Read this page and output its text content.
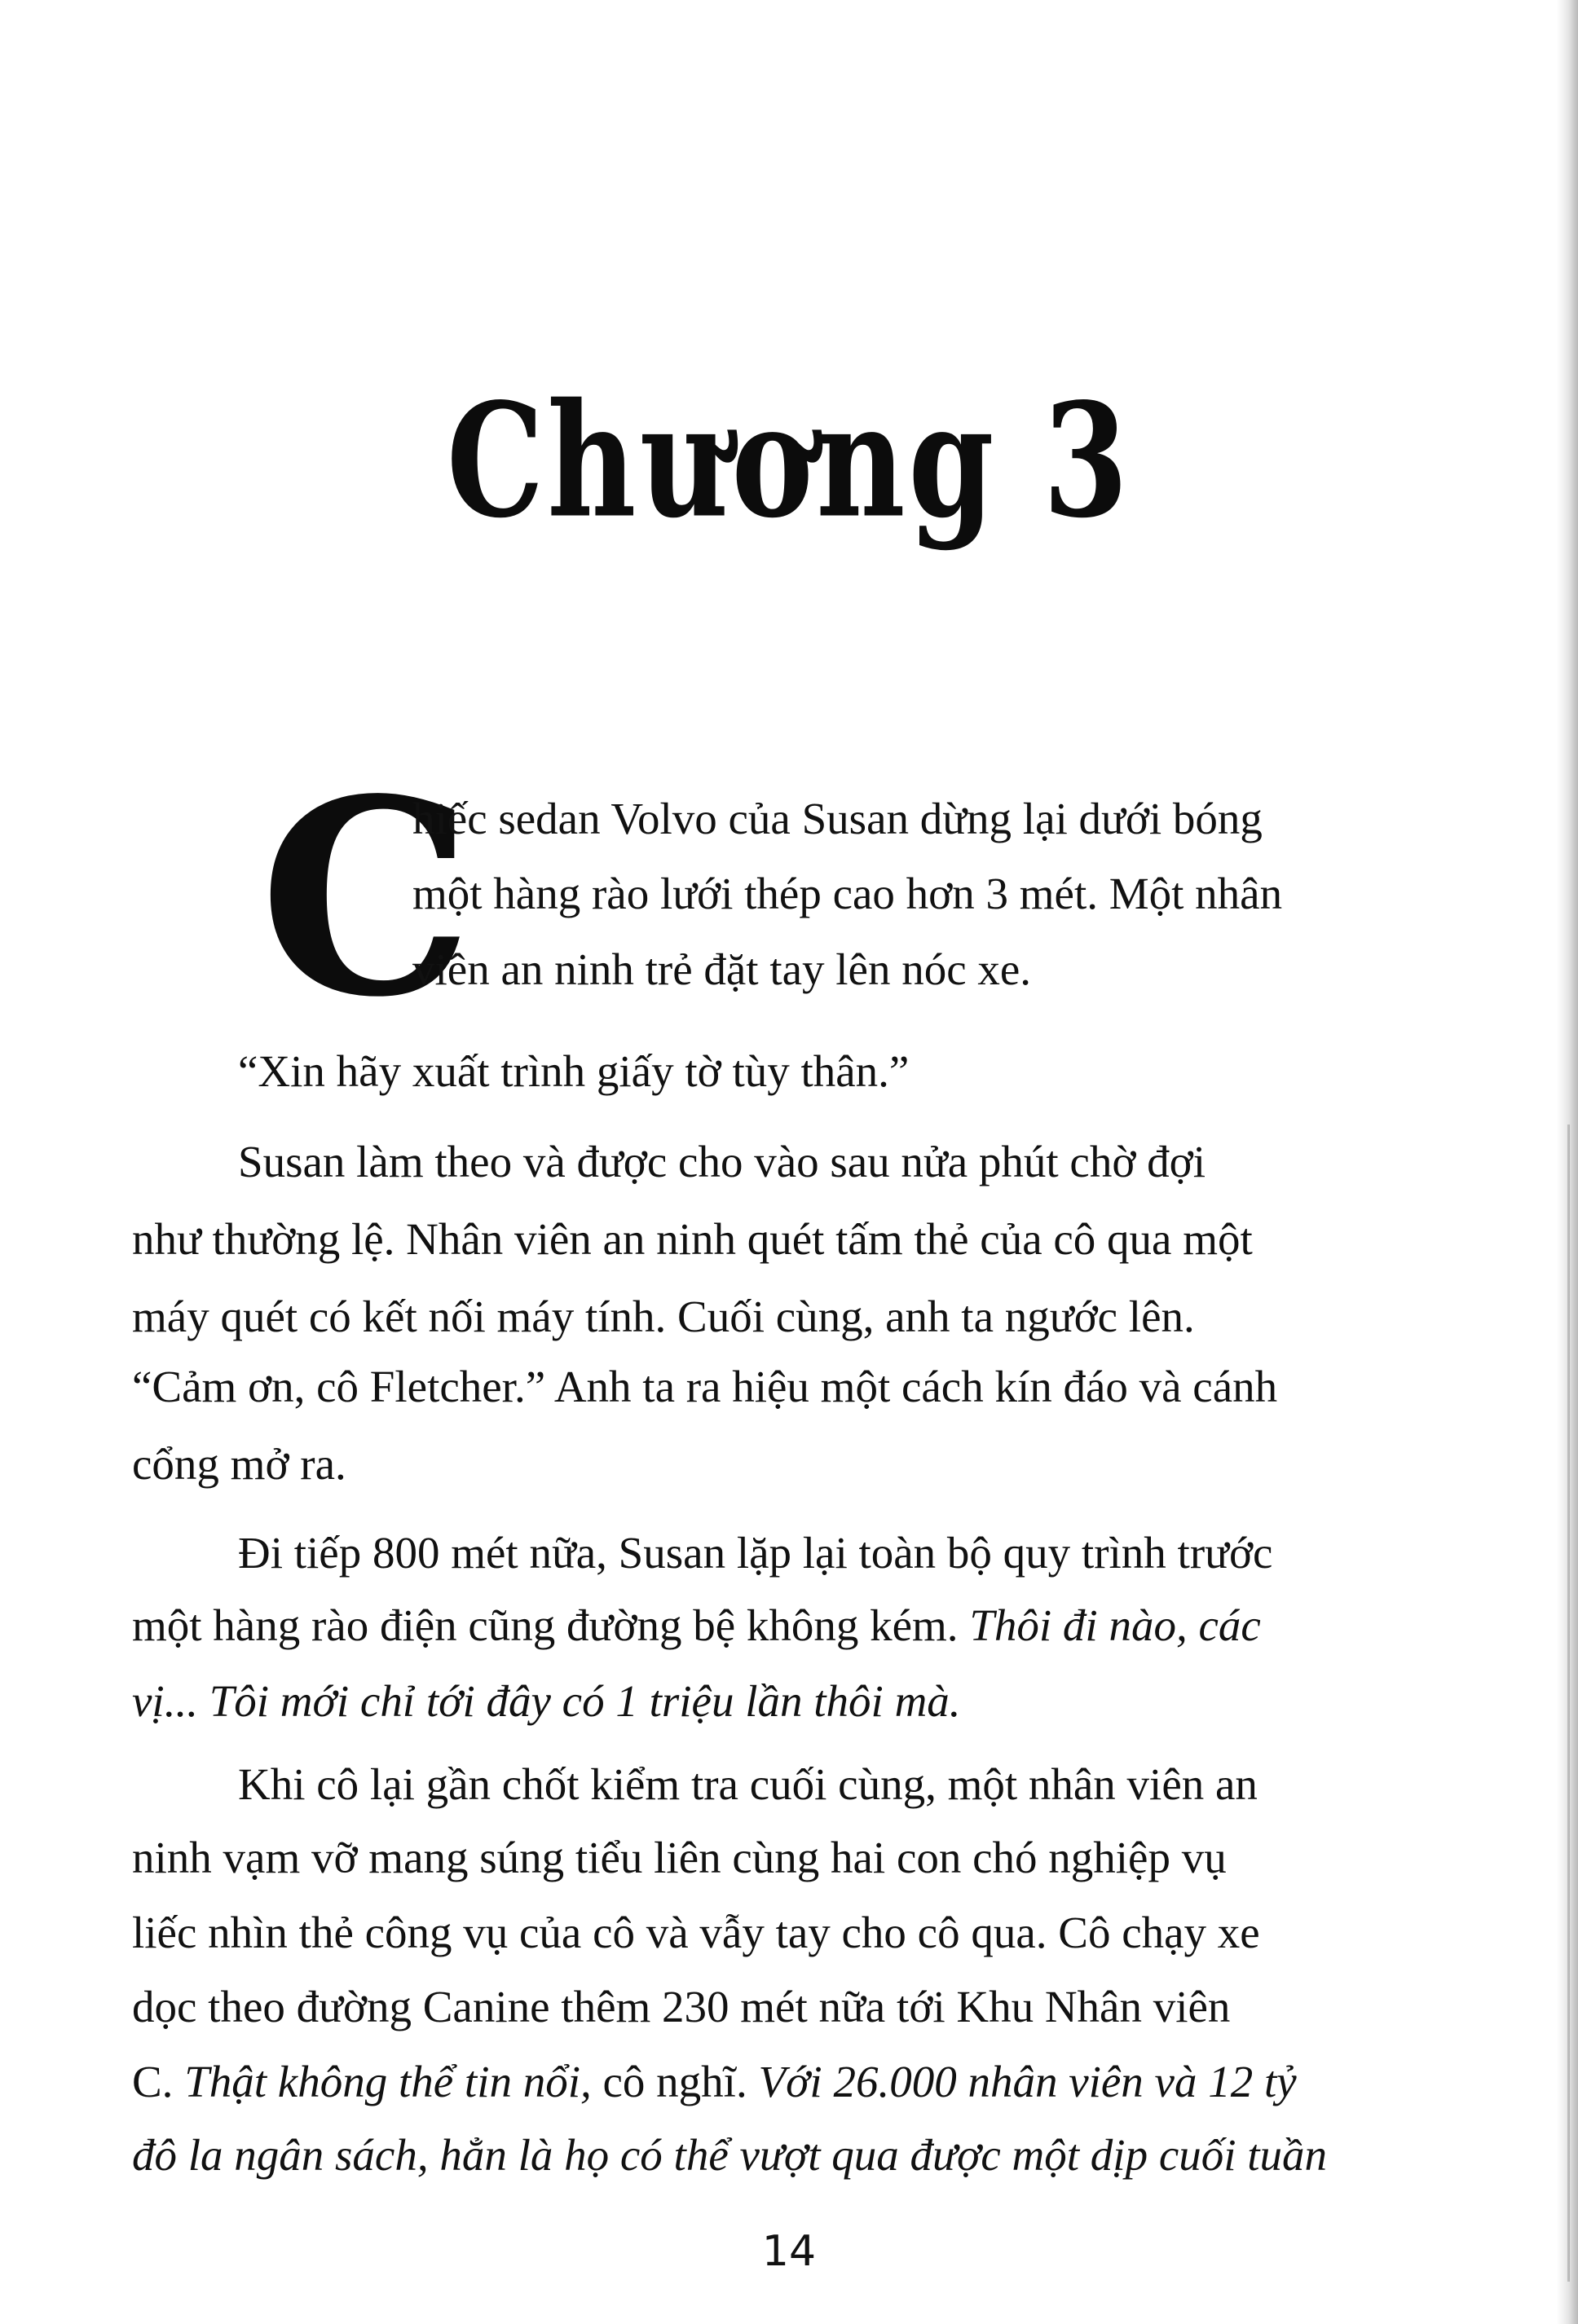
Chương 3
C
hiếc sedan Volvo của Susan dừng lại dưới bóng
một hàng rào lưới thép cao hơn 3 mét. Một nhân
viên an ninh trẻ đặt tay lên nóc xe.
“Xin hãy xuất trình giấy tờ tùy thân.”
Susan làm theo và được cho vào sau nửa phút chờ đợi
như thường lệ. Nhân viên an ninh quét tấm thẻ của cô qua một
máy quét có kết nối máy tính. Cuối cùng, anh ta ngước lên.
“Cảm ơn, cô Fletcher.” Anh ta ra hiệu một cách kín đáo và cánh
cổng mở ra.
Đi tiếp 800 mét nữa, Susan lặp lại toàn bộ quy trình trước
một hàng rào điện cũng đường bệ không kém. Thôi đi nào, các
vị... Tôi mới chỉ tới đây có 1 triệu lần thôi mà.
Khi cô lại gần chốt kiểm tra cuối cùng, một nhân viên an
ninh vạm vỡ mang súng tiểu liên cùng hai con chó nghiệp vụ
liếc nhìn thẻ công vụ của cô và vẫy tay cho cô qua. Cô chạy xe
dọc theo đường Canine thêm 230 mét nữa tới Khu Nhân viên
C. Thật không thể tin nổi, cô nghĩ. Với 26.000 nhân viên và 12 tỷ
đô la ngân sách, hẳn là họ có thể vượt qua được một dịp cuối tuần
14
